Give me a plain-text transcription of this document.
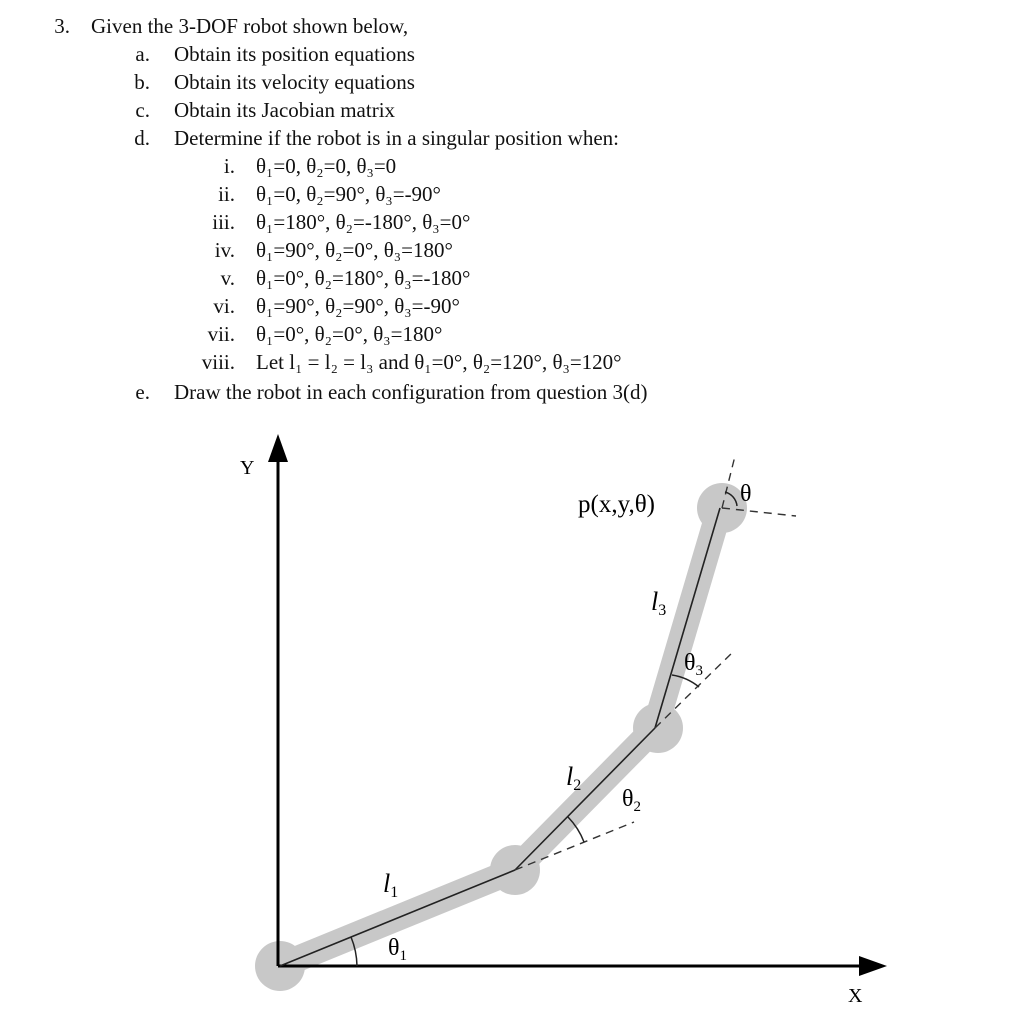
3. Given the 3-DOF robot shown below,
a. Obtain its position equations
b. Obtain its velocity equations
c. Obtain its Jacobian matrix
d. Determine if the robot is in a singular position when:
i. θ₁=0, θ₂=0, θ₃=0
ii. θ₁=0, θ₂=90°, θ₃=-90°
iii. θ₁=180°, θ₂=-180°, θ₃=0°
iv. θ₁=90°, θ₂=0°, θ₃=180°
v. θ₁=0°, θ₂=180°, θ₃=-180°
vi. θ₁=90°, θ₂=90°, θ₃=-90°
vii. θ₁=0°, θ₂=0°, θ₃=180°
viii. Let l₁ = l₂ = l₃ and θ₁=0°, θ₂=120°, θ₃=120°
e. Draw the robot in each configuration from question 3(d)
Y
X
p(x,y,θ)
l1
l2
l3
$\theta_1$
$\theta_2$
$\theta_3$
θ
